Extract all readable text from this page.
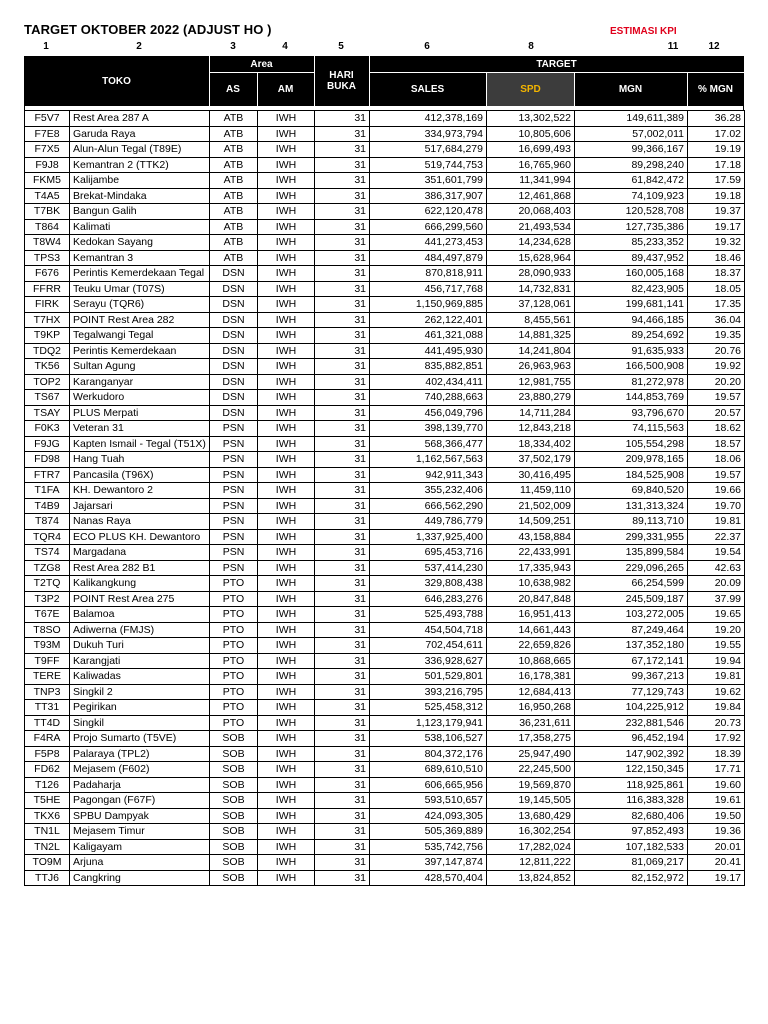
TARGET OKTOBER 2022 (ADJUST HO )	ESTIMASI KPI
1	2	3	4	5	6	8	11	12
TOKO
Area
AS	AM
HARI
BUKA
TARGET
SALES	SPD	MGN	% MGN
F5V7	Rest Area 287 A	ATB	IWH	31	412,378,169	13,302,522	149,611,389	36.28
F7E8	Garuda Raya	ATB	IWH	31	334,973,794	10,805,606	57,002,011	17.02
F7X5	Alun-Alun Tegal (T89E)	ATB	IWH	31	517,684,279	16,699,493	99,366,167	19.19
F9J8	Kemantran 2 (TTK2)	ATB	IWH	31	519,744,753	16,765,960	89,298,240	17.18
FKM5	Kalijambe	ATB	IWH	31	351,601,799	11,341,994	61,842,472	17.59
T4A5	Brekat-Mindaka	ATB	IWH	31	386,317,907	12,461,868	74,109,923	19.18
T7BK	Bangun Galih	ATB	IWH	31	622,120,478	20,068,403	120,528,708	19.37
T864	Kalimati	ATB	IWH	31	666,299,560	21,493,534	127,735,386	19.17
T8W4	Kedokan Sayang	ATB	IWH	31	441,273,453	14,234,628	85,233,352	19.32
TPS3	Kemantran 3	ATB	IWH	31	484,497,879	15,628,964	89,437,952	18.46
F676	Perintis Kemerdekaan Tegal	DSN	IWH	31	870,818,911	28,090,933	160,005,168	18.37
FFRR	Teuku Umar (T07S)	DSN	IWH	31	456,717,768	14,732,831	82,423,905	18.05
FIRK	Serayu (TQR6)	DSN	IWH	31	1,150,969,885	37,128,061	199,681,141	17.35
T7HX	POINT Rest Area 282	DSN	IWH	31	262,122,401	8,455,561	94,466,185	36.04
T9KP	Tegalwangi Tegal	DSN	IWH	31	461,321,088	14,881,325	89,254,692	19.35
TDQ2	Perintis Kemerdekaan	DSN	IWH	31	441,495,930	14,241,804	91,635,933	20.76
TK56	Sultan Agung	DSN	IWH	31	835,882,851	26,963,963	166,500,908	19.92
TOP2	Karanganyar	DSN	IWH	31	402,434,411	12,981,755	81,272,978	20.20
TS67	Werkudoro	DSN	IWH	31	740,288,663	23,880,279	144,853,769	19.57
TSAY	PLUS Merpati	DSN	IWH	31	456,049,796	14,711,284	93,796,670	20.57
F0K3	Veteran 31	PSN	IWH	31	398,139,770	12,843,218	74,115,563	18.62
F9JG	Kapten Ismail - Tegal (T51X)	PSN	IWH	31	568,366,477	18,334,402	105,554,298	18.57
FD98	Hang Tuah	PSN	IWH	31	1,162,567,563	37,502,179	209,978,165	18.06
FTR7	Pancasila (T96X)	PSN	IWH	31	942,911,343	30,416,495	184,525,908	19.57
T1FA	KH. Dewantoro 2	PSN	IWH	31	355,232,406	11,459,110	69,840,520	19.66
T4B9	Jajarsari	PSN	IWH	31	666,562,290	21,502,009	131,313,324	19.70
T874	Nanas Raya	PSN	IWH	31	449,786,779	14,509,251	89,113,710	19.81
TQR4	ECO PLUS KH. Dewantoro	PSN	IWH	31	1,337,925,400	43,158,884	299,331,955	22.37
TS74	Margadana	PSN	IWH	31	695,453,716	22,433,991	135,899,584	19.54
TZG8	Rest Area 282 B1	PSN	IWH	31	537,414,230	17,335,943	229,096,265	42.63
T2TQ	Kalikangkung	PTO	IWH	31	329,808,438	10,638,982	66,254,599	20.09
T3P2	POINT Rest Area 275	PTO	IWH	31	646,283,276	20,847,848	245,509,187	37.99
T67E	Balamoa	PTO	IWH	31	525,493,788	16,951,413	103,272,005	19.65
T8SO	Adiwerna (FMJS)	PTO	IWH	31	454,504,718	14,661,443	87,249,464	19.20
T93M	Dukuh Turi	PTO	IWH	31	702,454,611	22,659,826	137,352,180	19.55
T9FF	Karangjati	PTO	IWH	31	336,928,627	10,868,665	67,172,141	19.94
TERE	Kaliwadas	PTO	IWH	31	501,529,801	16,178,381	99,367,213	19.81
TNP3	Singkil 2	PTO	IWH	31	393,216,795	12,684,413	77,129,743	19.62
TT31	Pegirikan	PTO	IWH	31	525,458,312	16,950,268	104,225,912	19.84
TT4D	Singkil	PTO	IWH	31	1,123,179,941	36,231,611	232,881,546	20.73
F4RA	Projo Sumarto (T5VE)	SOB	IWH	31	538,106,527	17,358,275	96,452,194	17.92
F5P8	Palaraya (TPL2)	SOB	IWH	31	804,372,176	25,947,490	147,902,392	18.39
FD62	Mejasem (F602)	SOB	IWH	31	689,610,510	22,245,500	122,150,345	17.71
T126	Padaharja	SOB	IWH	31	606,665,956	19,569,870	118,925,861	19.60
T5HE	Pagongan (F67F)	SOB	IWH	31	593,510,657	19,145,505	116,383,328	19.61
TKX6	SPBU Dampyak	SOB	IWH	31	424,093,305	13,680,429	82,680,406	19.50
TN1L	Mejasem Timur	SOB	IWH	31	505,369,889	16,302,254	97,852,493	19.36
TN2L	Kaligayam	SOB	IWH	31	535,742,756	17,282,024	107,182,533	20.01
TO9M	Arjuna	SOB	IWH	31	397,147,874	12,811,222	81,069,217	20.41
TTJ6	Cangkring	SOB	IWH	31	428,570,404	13,824,852	82,152,972	19.17
